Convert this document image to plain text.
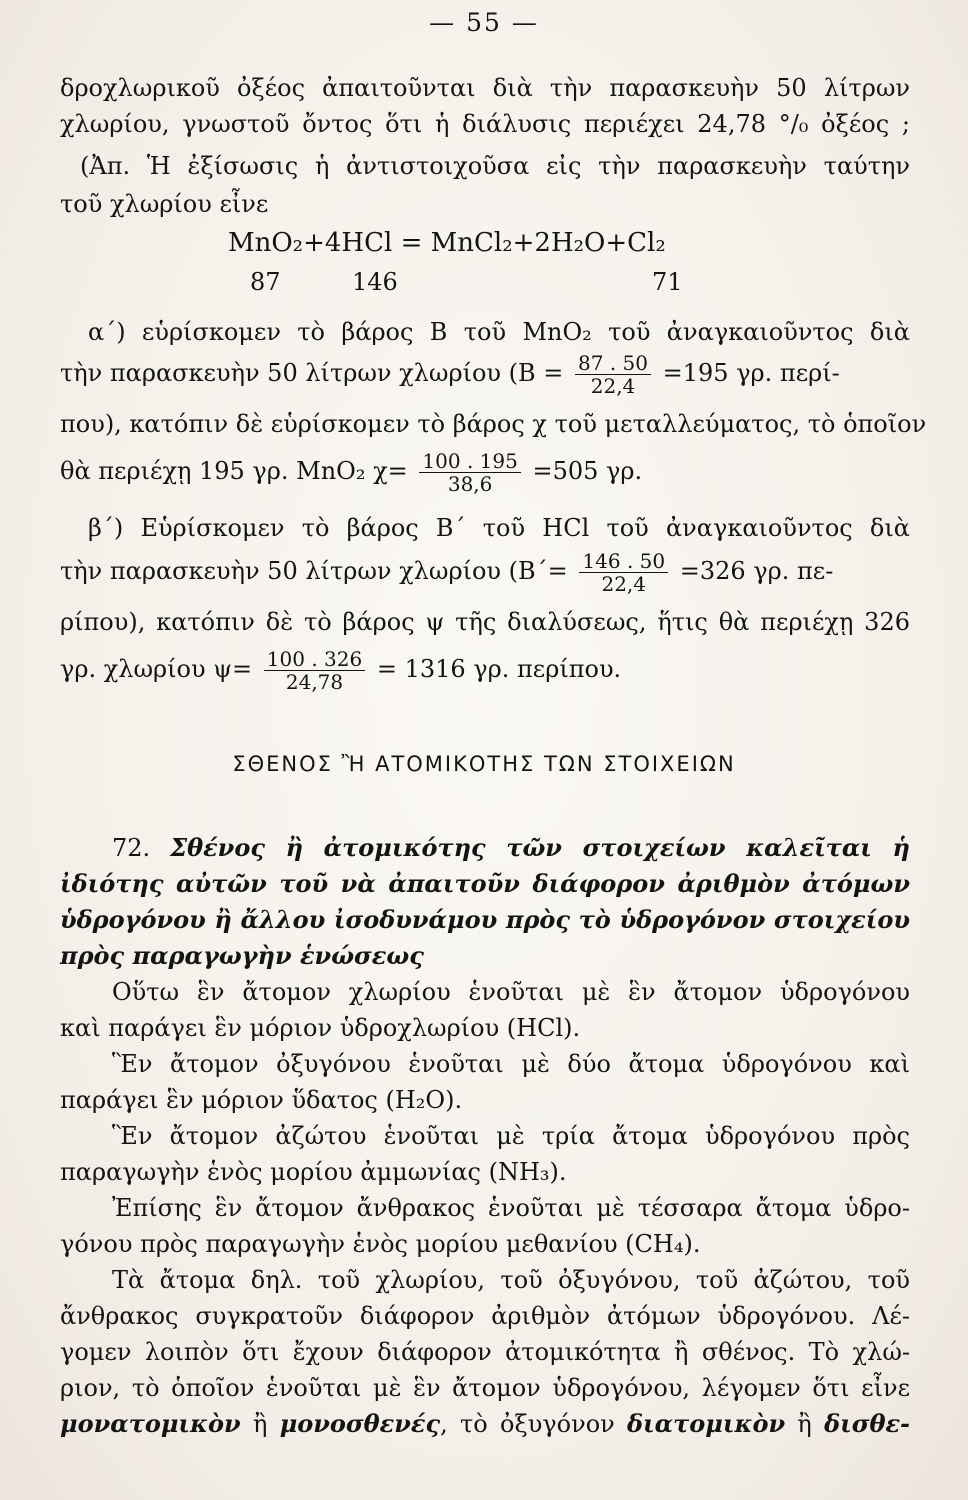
— 55 —
δροχλωρικοῦ ὀξέος ἀπαιτοῦνται διὰ τὴν παρασκευὴν 50 λίτρων
χλωρίου, γνωστοῦ ὄντος ὅτι ἡ διάλυσις περιέχει 24,78 °/₀ ὀξέος ;
(Ἀπ. Ἡ ἐξίσωσις ἡ ἀντιστοιχοῦσα εἰς τὴν παρασκευὴν ταύτην
τοῦ χλωρίου εἶνε
MnO₂+4HCl = MnCl₂+2H₂O+Cl₂
87	146	71
α΄) εὑρίσκομεν τὸ βάρος Β τοῦ MnO₂ τοῦ ἀναγκαιοῦντος διὰ
τὴν παρασκευὴν 50 λίτρων χλωρίου ($B = \frac{87 . 50}{22,4} =195$ γρ. περί-
που), κατόπιν δὲ εὑρίσκομεν τὸ βάρος χ τοῦ μεταλλεύματος, τὸ ὁποῖον
θὰ περιέχῃ 195 γρ. MnO₂ $\chi= \frac{100 . 195}{38,6} =505$ γρ.
β΄) Εὑρίσκομεν τὸ βάρος Β΄ τοῦ HCl τοῦ ἀναγκαιοῦντος διὰ
τὴν παρασκευὴν 50 λίτρων χλωρίου ($B΄= \frac{146 . 50}{22,4} =326$ γρ. πε-
ρίπου), κατόπιν δὲ τὸ βάρος ψ τῆς διαλύσεως, ἥτις θὰ περιέχῃ 326
γρ. χλωρίου $\psi= \frac{100 . 326}{24,78} = 1316$ γρ. περίπου.
ΣΘΕΝΟΣ Ἢ ΑΤΟΜΙΚΟΤΗΣ ΤΩΝ ΣΤΟΙΧΕΙΩΝ
72. Σθένος ἢ ἀτομικότης τῶν στοιχείων καλεῖται ἡ
ἰδιότης αὐτῶν τοῦ νὰ ἀπαιτοῦν διάφορον ἀριθμὸν ἀτόμων
ὑδρογόνου ἢ ἄλλου ἰσοδυνάμου πρὸς τὸ ὑδρογόνον στοιχείου
πρὸς παραγωγὴν ἑνώσεως
Οὕτω ἓν ἄτομον χλωρίου ἑνοῦται μὲ ἓν ἄτομον ὑδρογόνου
καὶ παράγει ἓν μόριον ὑδροχλωρίου (HCl).
Ἓν ἄτομον ὀξυγόνου ἑνοῦται μὲ δύο ἄτομα ὑδρογόνου καὶ
παράγει ἓν μόριον ὕδατος (H₂O).
Ἓν ἄτομον ἀζώτου ἑνοῦται μὲ τρία ἄτομα ὑδρογόνου πρὸς
παραγωγὴν ἑνὸς μορίου ἀμμωνίας (NH₃).
Ἐπίσης ἓν ἄτομον ἄνθρακος ἑνοῦται μὲ τέσσαρα ἄτομα ὑδρο-
γόνου πρὸς παραγωγὴν ἑνὸς μορίου μεθανίου (CH₄).
Τὰ ἄτομα δηλ. τοῦ χλωρίου, τοῦ ὀξυγόνου, τοῦ ἀζώτου, τοῦ
ἄνθρακος συγκρατοῦν διάφορον ἀριθμὸν ἀτόμων ὑδρογόνου. Λέ-
γομεν λοιπὸν ὅτι ἔχουν διάφορον ἀτομικότητα ἢ σθένος. Τὸ χλώ-
ριον, τὸ ὁποῖον ἑνοῦται μὲ ἓν ἄτομον ὑδρογόνου, λέγομεν ὅτι εἶνε
μονατομικὸν ἢ μονοσθενές, τὸ ὀξυγόνον διατομικὸν ἢ δισθε-
